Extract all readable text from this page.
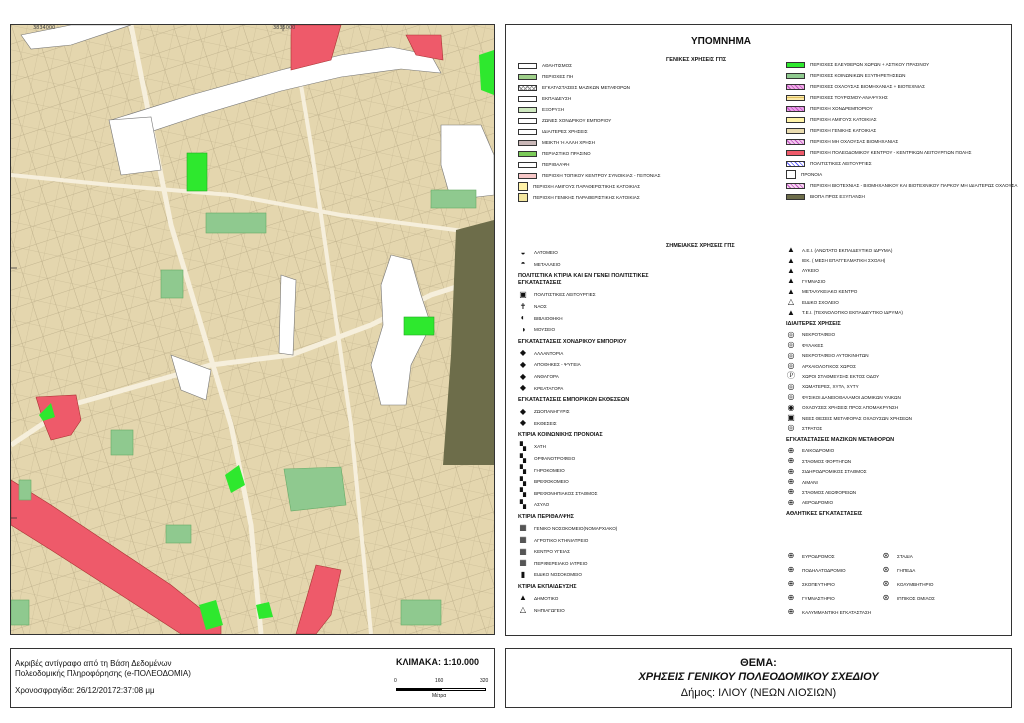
3834000	3835000
ΥΠΟΜΝΗΜΑ
ΓΕΝΙΚΕΣ ΧΡΗΣΕΙΣ ΓΠΣ
ΑΘΛΗΤΙΣΜΟΣ
ΠΕΡΙΟΧΕΣ ΠΗ
ΕΓΚΑΤΑΣΤΑΣΕΙΣ ΜΑΖΙΚΩΝ ΜΕΤΑΦΟΡΩΝ
ΕΚΠΑΙΔΕΥΣΗ
ΕΞΟΡΥΞΗ
ΖΩΝΕΣ ΧΟΝΔΡΙΚΟΥ ΕΜΠΟΡΙΟΥ
ΙΔΙΑΙΤΕΡΕΣ ΧΡΗΣΕΙΣ
ΜΕΙΚΤΗ Ή ΑΛΛΗ ΧΡΗΣΗ
ΠΕΡΙΑΣΤΙΚΟ ΠΡΑΣΙΝΟ
ΠΕΡΙΘΑΛΨΗ
ΠΕΡΙΟΧΗ ΤΟΠΙΚΟΥ ΚΕΝΤΡΟΥ ΣΥΝΟΙΚΙΑΣ - ΓΕΙΤΟΝΙΑΣ
ΠΕΡΙΟΧΗ ΑΜΙΓΟΥΣ ΠΑΡΑΘΕΡΙΣΤΙΚΗΣ ΚΑΤΟΙΚΙΑΣ
ΠΕΡΙΟΧΗ ΓΕΝΙΚΗΣ ΠΑΡΑΘΕΡΙΣΤΙΚΗΣ ΚΑΤΟΙΚΙΑΣ
ΠΕΡΙΟΧΕΣ ΕΛΕΥΘΕΡΩΝ ΧΩΡΩΝ + ΑΣΤΙΚΟΥ ΠΡΑΣΙΝΟΥ
ΠΕΡΙΟΧΕΣ ΚΟΙΝΩΝΙΚΩΝ ΕΞΥΠΗΡΕΤΗΣΕΩΝ
ΠΕΡΙΟΧΕΣ ΟΧΛΟΥΣΑΣ ΒΙΟΜΗΧΑΝΙΑΣ + ΒΙΟΤΕΧΝΙΑΣ
ΠΕΡΙΟΧΕΣ ΤΟΥΡΙΣΜΟΥ-ΑΝΑΨΥΧΗΣ
ΠΕΡΙΟΧΗ ΧΟΝΔΡΕΜΠΟΡΙΟΥ
ΠΕΡΙΟΧΗ ΑΜΙΓΟΥΣ ΚΑΤΟΙΚΙΑΣ
ΠΕΡΙΟΧΗ ΓΕΝΙΚΗΣ ΚΑΤΟΙΚΙΑΣ
ΠΕΡΙΟΧΗ ΜΗ ΟΧΛΟΥΣΑΣ ΒΙΟΜΗΧΑΝΙΑΣ
ΠΕΡΙΟΧΗ ΠΟΛΕΟΔΟΜΙΚΟΥ ΚΕΝΤΡΟΥ - ΚΕΝΤΡΙΚΩΝ ΛΕΙΤΟΥΡΓΙΩΝ ΠΟΛΗΣ
ΠΟΛΙΤΙΣΤΙΚΕΣ ΛΕΙΤΟΥΡΓΙΕΣ
ΠΡΟΝΟΙΑ
ΠΕΡΙΟΧΗ ΒΙΟΤΕΧΝΙΑΣ - ΒΙΟΜΗΧΑΝΙΚΟΥ ΚΑΙ ΒΙΟΤΕΧΝΙΚΟΥ ΠΑΡΚΟΥ ΜΗ ΙΔΙΑΙΤΕΡΩΣ ΟΧΛΟΥΣΑ
ΒΙΟΠΑ ΠΡΟΣ ΕΞΥΓΙΑΝΣΗ
ΣΗΜΕΙΑΚΕΣ ΧΡΗΣΕΙΣ ΓΠΣ
◒	ΛΑΤΟΜΕΙΟ
◓	ΜΕΤΑΛΛΕΙΟ
ΠΟΛΙΤΙΣΤΙΚΑ ΚΤΙΡΙΑ ΚΑΙ ΕΝ ΓΕΝΕΙ ΠΟΛΙΤΙΣΤΙΚΕΣ ΕΓΚΑΤΑΣΤΑΣΕΙΣ
▣ ΠΟΛΙΤΙΣΤΙΚΕΣ ΛΕΙΤΟΥΡΓΙΕΣ
✝	ΝΑΟΣ
◐	ΒΙΒΛΙΟΘΗΚΗ
◑	ΜΟΥΣΕΙΟ
ΕΓΚΑΤΑΣΤΑΣΕΙΣ ΧΟΝΔΡΙΚΟΥ ΕΜΠΟΡΙΟΥ
◆	ΑΛΛΑΝΤΟΡΙΑ
◆	ΑΠΟΘΗΚΕΣ - ΨΥΓΕΙΑ
◆	ΑΝΘΑΓΟΡΑ
◆	ΚΡΕΑΤΑΓΟΡΑ
ΕΓΚΑΤΑΣΤΑΣΕΙΣ ΕΜΠΟΡΙΚΩΝ ΕΚΘΕΣΕΩΝ
◆	ΖΩΟΠΑΝΗΓΥΡΙΣ
◆	ΕΚΘΕΣΕΙΣ
ΚΤΙΡΙΑ ΚΟΙΝΩΝΙΚΗΣ ΠΡΟΝΟΙΑΣ
▚	ΧΑΤΗ
▚	ΟΡΦΑΝΟΤΡΟΦΕΙΟ
▚	ΓΗΡΟΚΟΜΕΙΟ
▚	ΒΡΕΦΟΚΟΜΕΙΟ
▚	ΒΡΕΦΟΝΗΠΙΑΚΟΣ ΣΤΑΘΜΟΣ
▚	ΑΣΥΛΟ
ΚΤΙΡΙΑ ΠΕΡΙΘΑΛΨΗΣ
▦ ΓΕΝΙΚΟ ΝΟΣΟΚΟΜΕΙΟ(ΝΟΜΑΡΧΙΑΚΟ)
▦ ΑΓΡΟΤΙΚΟ ΚΤΗΝΙΑΤΡΕΙΟ
▦ ΚΕΝΤΡΟ ΥΓΕΙΑΣ
▦ ΠΕΡΙΦΕΡΕΙΑΚΟ ΙΑΤΡΕΙΟ
▮	ΕΙΔΙΚΟ ΝΟΣΟΚΟΜΕΙΟ
ΚΤΙΡΙΑ ΕΚΠΑΙΔΕΥΣΗΣ
▲ ΔΗΜΟΤΙΚΟ
△	ΝΗΠΙΑΓΩΓΕΙΟ
▲ Α.Ε.Ι. (ΑΝΩΤΑΤΟ ΕΚΠΑΙΔΕΥΤΙΚΟ ΙΔΡΥΜΑ)
▲ ΙΕΚ. ( ΜΕΣΗ ΕΠΑΓΓΕΛΜΑΤΙΚΗ ΣΧΟΛΗ)
▲ ΛΥΚΕΙΟ
▲ ΓΥΜΝΑΣΙΟ
▲ ΜΕΤΑΛΥΚΕΙΑΚΟ ΚΕΝΤΡΟ
△	ΕΙΔΙΚΟ ΣΧΟΛΕΙΟ
▲ Τ.Ε.Ι. (ΤΕΧΝΟΛΟΓΙΚΟ ΕΚΠΑΙΔΕΥΤΙΚΟ ΙΔΡΥΜΑ)
ΙΔΙΑΙΤΕΡΕΣ ΧΡΗΣΕΙΣ
◎	ΝΕΚΡΟΤΑΦΕΙΟ
◎	ΦΥΛΑΚΕΣ
◎	ΝΕΚΡΟΤΑΦΕΙΟ ΑΥΤΟΚΙΝΗΤΩΝ
◎	ΑΡΧΑΙΟΛΟΓΙΚΟΣ ΧΩΡΟΣ
Ⓟ ΧΩΡΟΙ ΣΤΑΘΜΕΥΣΗΣ ΕΚΤΟΣ ΟΔΟΥ
◎	ΧΩΜΑΤΕΡΕΣ, ΧΥΤΑ, ΧΥΤΥ
◎	ΦΥΣΙΚΟΙ ΔΑΝΕΙΟΘΑΛΑΜΟΙ ΔΟΜΙΚΩΝ ΥΛΙΚΩΝ
◉	ΟΧΛΟΥΣΕΣ ΧΡΗΣΕΙΣ ΠΡΟΣ ΑΠΟΜΑΚΡΥΝΣΗ
▣ ΝΕΕΣ ΘΕΣΕΙΣ ΜΕΤΑΦΟΡΑΣ ΟΧΛΟΥΣΩΝ ΧΡΗΣΕΩΝ
◎	ΣΤΡΑΤΟΣ
ΕΓΚΑΤΑΣΤΑΣΕΙΣ ΜΑΖΙΚΩΝ ΜΕΤΑΦΟΡΩΝ
⊕	ΕΛΙΚΟΔΡΟΜΙΟ
⊕	ΣΤΑΘΜΟΣ ΦΟΡΤΗΓΩΝ
⊕	ΣΙΔΗΡΟΔΡΟΜΙΚΟΣ ΣΤΑΘΜΟΣ
⊕	ΛΙΜΑΝΙ
⊕	ΣΤΑΘΜΟΣ ΛΕΩΦΟΡΕΙΩΝ
⊕	ΑΕΡΟΔΡΟΜΙΟ
ΑΘΛΗΤΙΚΕΣ ΕΓΚΑΤΑΣΤΑΣΕΙΣ
⊕	ΕΥΡΟΔΡΟΜΟΣ
⊕	ΠΟΔΗΛΑΤΟΔΡΟΜΙΟ
⊕	ΣΚΟΠΕΥΤΗΡΙΟ
⊕	ΓΥΜΝΑΣΤΗΡΙΟ
⊕	ΚΑΛΥΜΜΑΝΤΙΚΗ ΕΓΚΑΤΑΣΤΑΣΗ
⊛	ΣΤΑΔΙΑ
⊛	ΓΗΠΕΔΑ
⊛	ΚΟΛΥΜΒΗΤΗΡΙΟ
⊛	ΙΠΠΙΚΟΣ ΟΜΙΛΟΣ
Ακριβές αντίγραφο από τη Βάση Δεδομένων
Πολεοδομικής Πληροφόρησης (e-ΠΟΛΕΟΔΟΜΙΑ)
Χρονοσφραγίδα: 26/12/20172:37:08 μμ
ΚΛΙΜΑΚΑ: 1:10.000
0	160	320
Μέτρα
ΘΕΜΑ:
ΧΡΗΣΕΙΣ ΓΕΝΙΚΟΥ ΠΟΛΕΟΔΟΜΙΚΟΥ ΣΧΕΔΙΟΥ
Δήμος: ΙΛΙΟΥ (ΝΕΩΝ ΛΙΟΣΙΩΝ)
